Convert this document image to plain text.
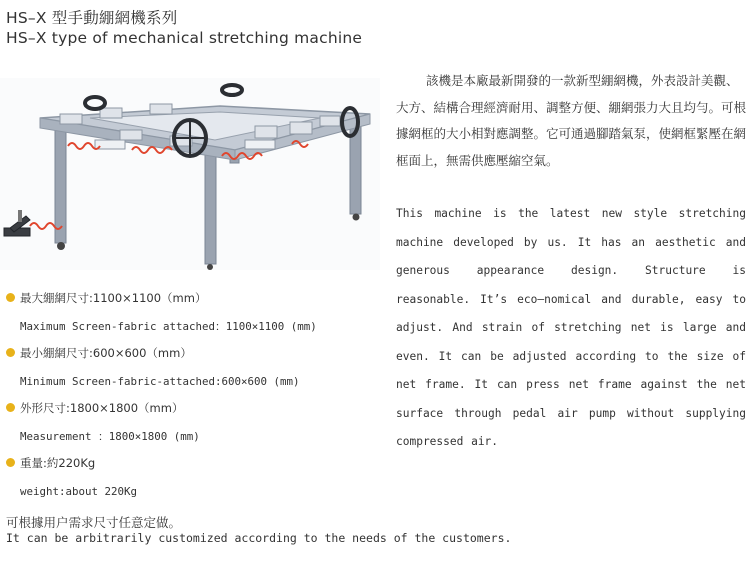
HS–X 型手動綳網機系列
HS–X type of mechanical stretching machine
該機是本廠最新開發的一款新型綳網機，外表設計美觀、大方、結構合理經濟耐用、調整方便、綳網張力大且均勻。可根據網框的大小相對應調整。它可通過腳踏氣泵，使網框緊壓在網框面上，無需供應壓縮空氣。
This machine is the latest new style stretching machine developed by us. It has an aesthetic and generous appearance design. Structure is reasonable. It’s eco–nomical and durable, easy to adjust. And strain of stretching net is large and even. It can be adjusted according to the size of net frame. It can press net frame against the net surface through pedal air pump without supplying compressed air.
最大綳網尺寸:1100×1100（mm）
Maximum Screen-fabric attached：1100×1100 (mm)
最小綳網尺寸:600×600（mm）
Minimum Screen-fabric-attached:600×600 (mm)
外形尺寸:1800×1800（mm）
Measurement ：1800×1800 (mm)
重量:約220Kg
weight:about 220Kg
可根據用户需求尺寸任意定做。
It can be arbitrarily customized according to the needs of the customers.
